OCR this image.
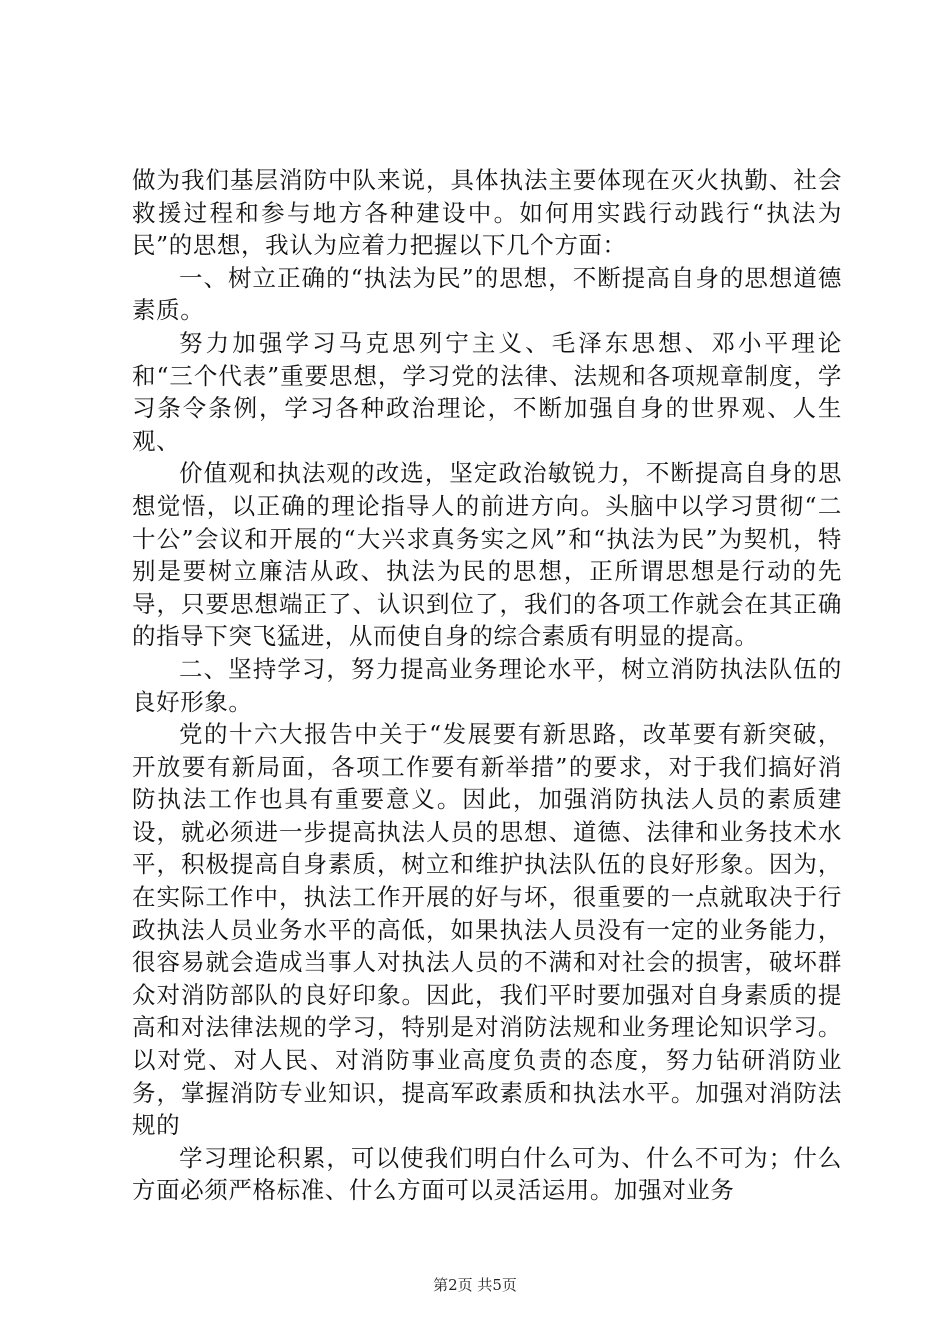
做为我们基层消防中队来说，具体执法主要体现在灭火执勤、社会救援过程和参与地方各种建设中。如何用实践行动践行“执法为民”的思想，我认为应着力把握以下几个方面：

一、树立正确的“执法为民”的思想，不断提高自身的思想道德素质。

努力加强学习马克思列宁主义、毛泽东思想、邓小平理论和“三个代表”重要思想，学习党的法律、法规和各项规章制度，学习条令条例，学习各种政治理论，不断加强自身的世界观、人生观、

价值观和执法观的改选，坚定政治敏锐力，不断提高自身的思想觉悟，以正确的理论指导人的前进方向。头脑中以学习贯彻“二十公”会议和开展的“大兴求真务实之风”和“执法为民”为契机，特别是要树立廉洁从政、执法为民的思想，正所谓思想是行动的先导，只要思想端正了、认识到位了，我们的各项工作就会在其正确的指导下突飞猛进，从而使自身的综合素质有明显的提高。

二、坚持学习，努力提高业务理论水平，树立消防执法队伍的良好形象。

党的十六大报告中关于“发展要有新思路，改革要有新突破，开放要有新局面，各项工作要有新举措”的要求，对于我们搞好消防执法工作也具有重要意义。因此，加强消防执法人员的素质建设，就必须进一步提高执法人员的思想、道德、法律和业务技术水平，积极提高自身素质，树立和维护执法队伍的良好形象。因为，在实际工作中，执法工作开展的好与坏，很重要的一点就取决于行政执法人员业务水平的高低，如果执法人员没有一定的业务能力，很容易就会造成当事人对执法人员的不满和对社会的损害，破坏群众对消防部队的良好印象。因此，我们平时要加强对自身素质的提高和对法律法规的学习，特别是对消防法规和业务理论知识学习。以对党、对人民、对消防事业高度负责的态度，努力钻研消防业务，掌握消防专业知识，提高军政素质和执法水平。加强对消防法规的

学习理论积累，可以使我们明白什么可为、什么不可为；什么方面必须严格标准、什么方面可以灵活运用。加强对业务

第2页 共5页
